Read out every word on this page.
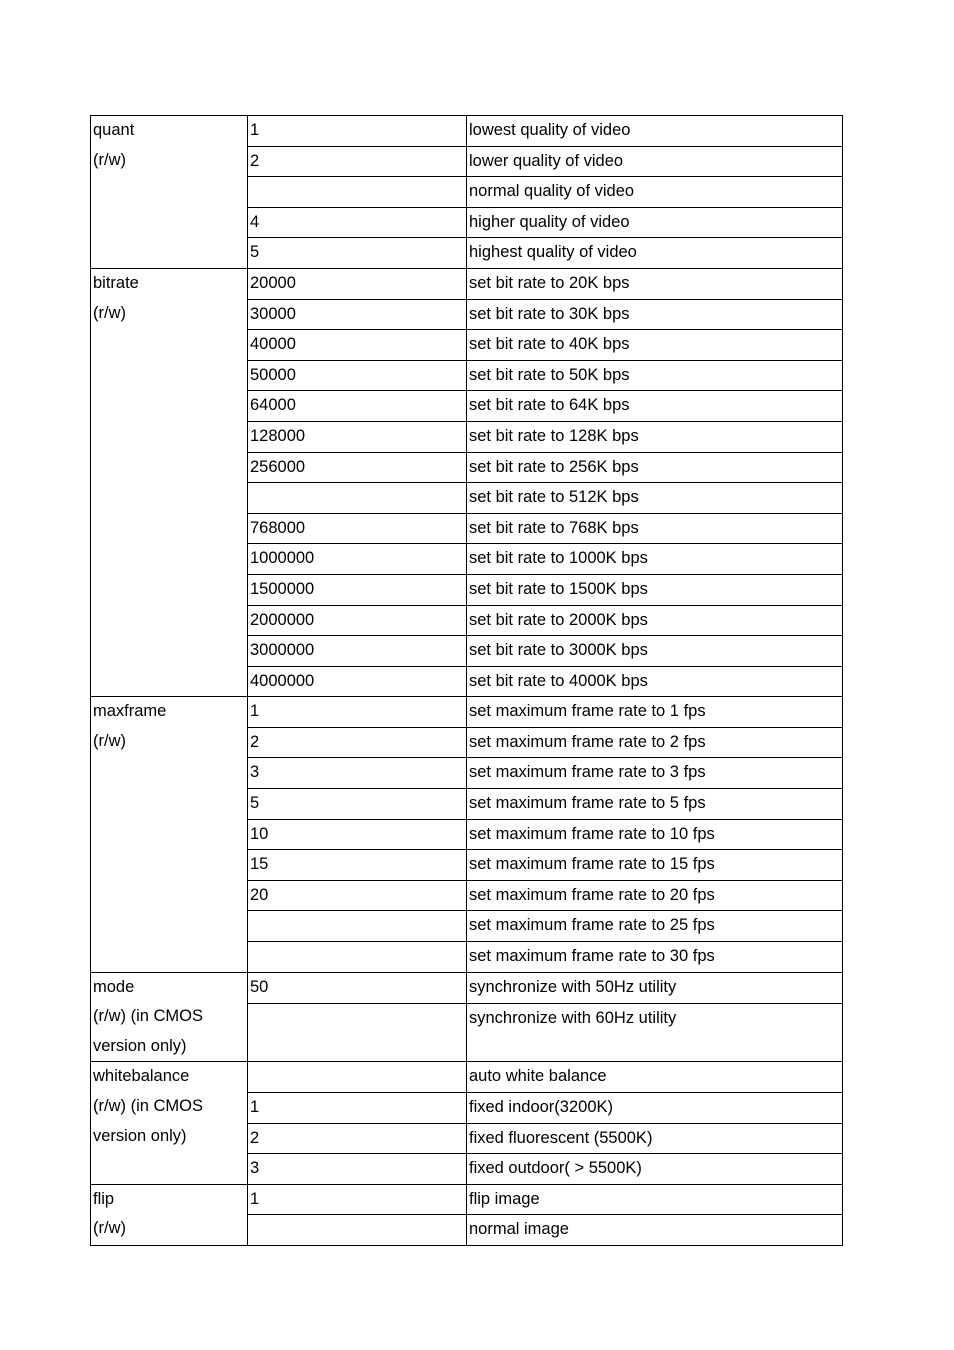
quant
(r/w)	1	lowest quality of video
	2	lower quality of video
		normal quality of video
	4	higher quality of video
	5	highest quality of video

bitrate
(r/w)	20000	set bit rate to 20K bps
	30000	set bit rate to 30K bps
	40000	set bit rate to 40K bps
	50000	set bit rate to 50K bps
	64000	set bit rate to 64K bps
	128000	set bit rate to 128K bps
	256000	set bit rate to 256K bps
		set bit rate to 512K bps
	768000	set bit rate to 768K bps
	1000000	set bit rate to 1000K bps
	1500000	set bit rate to 1500K bps
	2000000	set bit rate to 2000K bps
	3000000	set bit rate to 3000K bps
	4000000	set bit rate to 4000K bps

maxframe
(r/w)	1	set maximum frame rate to 1 fps
	2	set maximum frame rate to 2 fps
	3	set maximum frame rate to 3 fps
	5	set maximum frame rate to 5 fps
	10	set maximum frame rate to 10 fps
	15	set maximum frame rate to 15 fps
	20	set maximum frame rate to 20 fps
		set maximum frame rate to 25 fps
		set maximum frame rate to 30 fps

mode
(r/w) (in CMOS
version only)	50	synchronize with 50Hz utility
		synchronize with 60Hz utility

whitebalance
(r/w) (in CMOS
version only)		auto white balance
	1	fixed indoor(3200K)
	2	fixed fluorescent (5500K)
	3	fixed outdoor( > 5500K)

flip
(r/w)	1	flip image
		normal image
